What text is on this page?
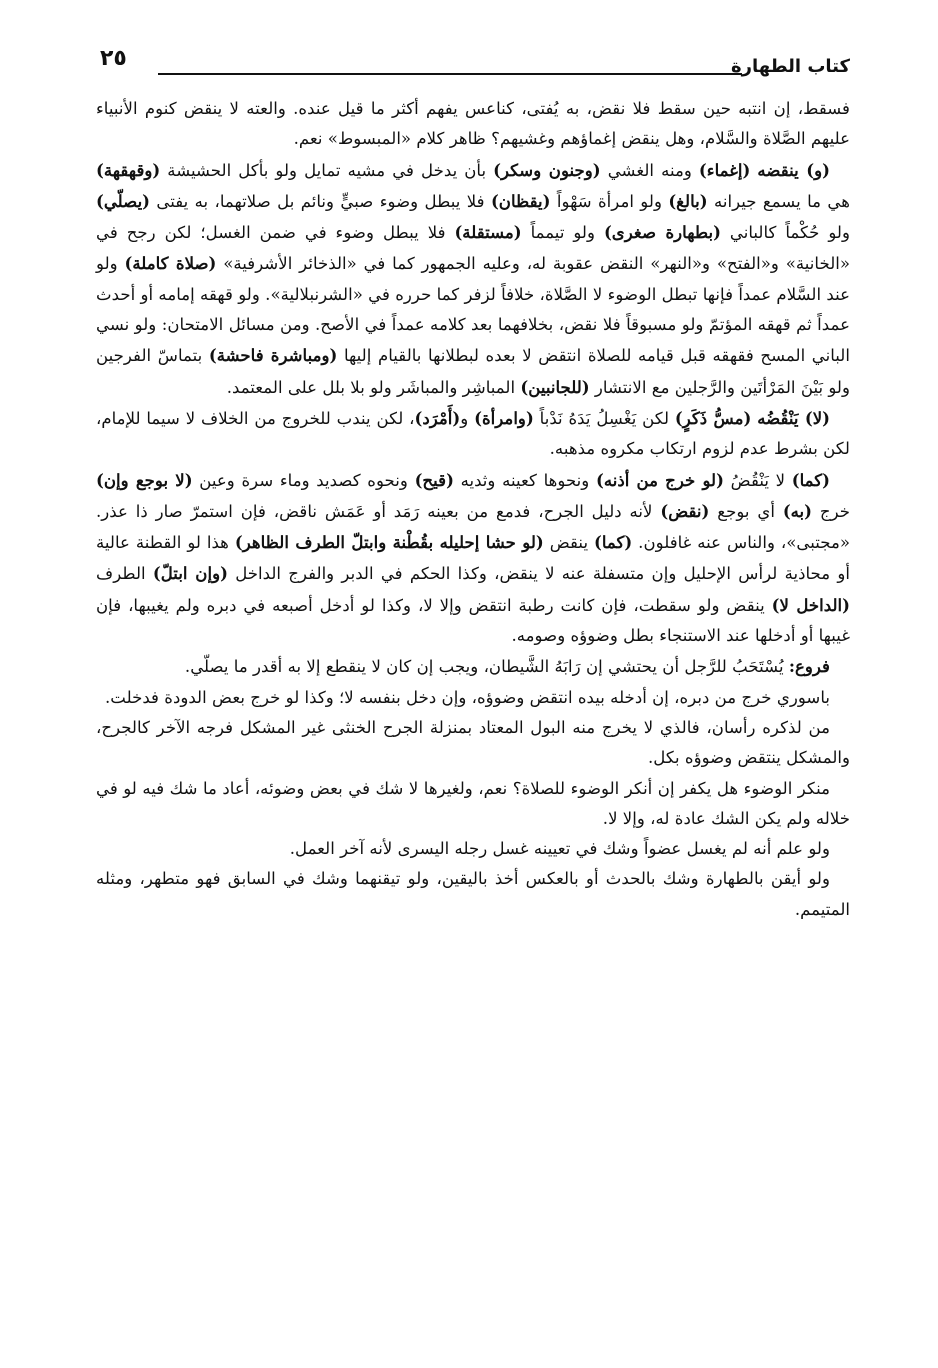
كتاب الطهارة
٢٥

فسقط، إن انتبه حين سقط فلا نقض، به يُفتى، كناعس يفهم أكثر ما قيل عنده. والعته لا ينقض كنوم الأنبياء عليهم الصَّلاة والسَّلام، وهل ينقض إغماؤهم وغشيهم؟ ظاهر كلام «المبسوط» نعم.

(و) ينقضه (إغماء) ومنه الغشي (وجنون وسكر) بأن يدخل في مشيه تمايل ولو بأكل الحشيشة (وقهقهة) هي ما يسمع جيرانه (بالغ) ولو امرأة سَهْواً (يقظان) فلا يبطل وضوء صبيٍّ ونائم بل صلاتهما، به يفتى (يصلّي) ولو حُكْماً كالباني (بطهارة صغرى) ولو تيمماً (مستقلة) فلا يبطل وضوء في ضمن الغسل؛ لكن رجح في «الخانية» و«الفتح» و«النهر» النقض عقوبة له، وعليه الجمهور كما في «الذخائر الأشرفية» (صلاة كاملة) ولو عند السَّلام عمداً فإنها تبطل الوضوء لا الصَّلاة، خلافاً لزفر كما حرره في «الشرنبلالية». ولو قهقه إمامه أو أحدث عمداً ثم قهقه المؤتمّ ولو مسبوقاً فلا نقض، بخلافهما بعد كلامه عمداً في الأصح. ومن مسائل الامتحان: ولو نسي الباني المسح فقهقه قبل قيامه للصلاة انتقض لا بعده لبطلانها بالقيام إليها (ومباشرة فاحشة) بتماسّ الفرجين ولو بَيْنَ المَرْأتَين والرَّجلين مع الانتشار (للجانبين) المباشِر والمباشَر ولو بلا بلل على المعتمد.

(لا) يَنْقُضُه (مسُّ ذَكَرٍ) لكن يَغْسِلُ يَدَهُ نَدْباً (وامرأة) و(أَمْرَد)، لكن يندب للخروج من الخلاف لا سيما للإمام، لكن بشرط عدم لزوم ارتكاب مكروه مذهبه.

(كما) لا يَنْقُضُ (لو خرج من أذنه) ونحوها كعينه وثديه (قيح) ونحوه كصديد وماء سرة وعين (لا بوجع وإن) خرج (به) أي بوجع (نقض) لأنه دليل الجرح، فدمع من بعينه رَمَد أو عَمَش ناقض، فإن استمرّ صار ذا عذر. «مجتبى»، والناس عنه غافلون. (كما) ينقض (لو حشا إحليله بقُطْنة وابتلّ الطرف الظاهر) هذا لو القطنة عالية أو محاذية لرأس الإحليل وإن متسفلة عنه لا ينقض، وكذا الحكم في الدبر والفرج الداخل (وإن ابتلّ) الطرف (الداخل لا) ينقض ولو سقطت، فإن كانت رطبة انتقض وإلا لا، وكذا لو أدخل أصبعه في دبره ولم يغيبها، فإن غيبها أو أدخلها عند الاستنجاء بطل وضوؤه وصومه.

فروع: يُسْتَحَبُ للرَّجل أن يحتشي إن رَابَهُ الشَّيطان، ويجب إن كان لا ينقطع إلا به أقدر ما يصلّي.

باسوري خرج من دبره، إن أدخله بيده انتقض وضوؤه، وإن دخل بنفسه لا؛ وكذا لو خرج بعض الدودة فدخلت.

من لذكره رأسان، فالذي لا يخرج منه البول المعتاد بمنزلة الجرح الخنثى غير المشكل فرجه الآخر كالجرح، والمشكل ينتقض وضوؤه بكل.

منكر الوضوء هل يكفر إن أنكر الوضوء للصلاة؟ نعم، ولغيرها لا شك في بعض وضوئه، أعاد ما شك فيه لو في خلاله ولم يكن الشك عادة له، وإلا لا.

ولو علم أنه لم يغسل عضواً وشك في تعيينه غسل رجله اليسرى لأنه آخر العمل.

ولو أيقن بالطهارة وشك بالحدث أو بالعكس أخذ باليقين، ولو تيقنهما وشك في السابق فهو متطهر، ومثله المتيمم.
